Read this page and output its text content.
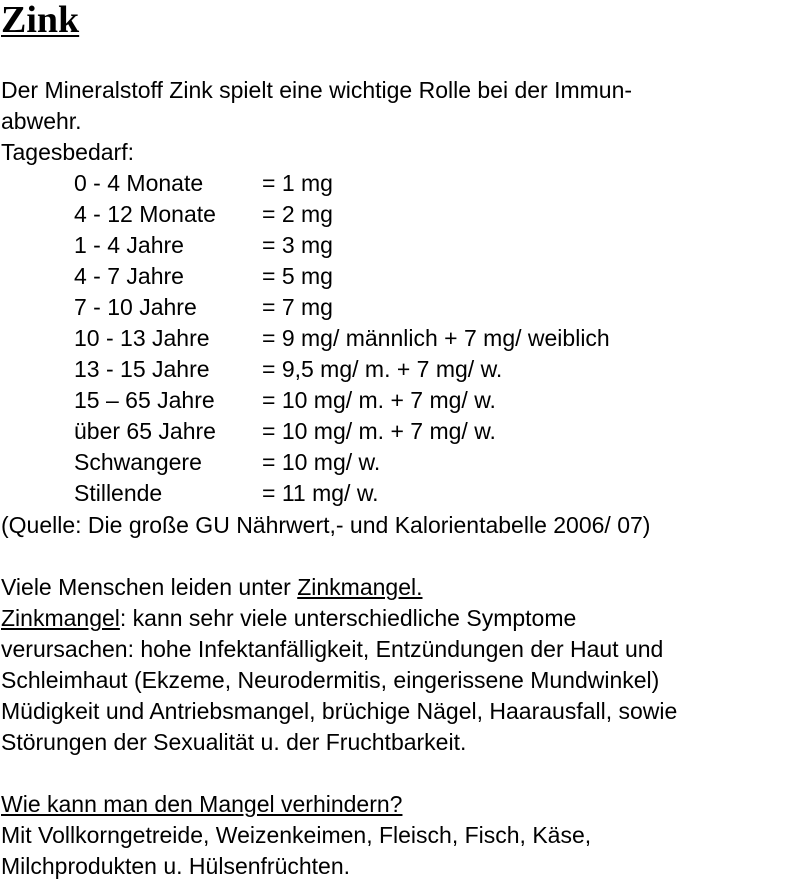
Zink

Der Mineralstoff Zink spielt eine wichtige Rolle bei der Immun-

abwehr.

Tagesbedarf:

0 - 4 Monate	= 1 mg
4 - 12 Monate	= 2 mg
1 - 4 Jahre	= 3 mg
4 - 7 Jahre	= 5 mg
7 - 10 Jahre	= 7 mg
10 - 13 Jahre	= 9 mg/ männlich + 7 mg/ weiblich
13 - 15 Jahre	= 9,5 mg/ m. + 7 mg/ w.
15 – 65 Jahre	= 10 mg/ m. + 7 mg/ w.
über 65 Jahre	= 10 mg/ m. + 7 mg/ w.
Schwangere	= 10 mg/ w.
Stillende	= 11 mg/ w.

(Quelle: Die große GU Nährwert,- und Kalorientabelle 2006/ 07)

Viele Menschen leiden unter Zinkmangel.

Zinkmangel: kann sehr viele unterschiedliche Symptome

verursachen: hohe Infektanfälligkeit, Entzündungen der Haut und

Schleimhaut (Ekzeme, Neurodermitis, eingerissene Mundwinkel)

Müdigkeit und Antriebsmangel, brüchige Nägel, Haarausfall, sowie

Störungen der Sexualität u. der Fruchtbarkeit.

Wie kann man den Mangel verhindern?

Mit Vollkorngetreide, Weizenkeimen, Fleisch, Fisch, Käse,

Milchprodukten u. Hülsenfrüchten.
